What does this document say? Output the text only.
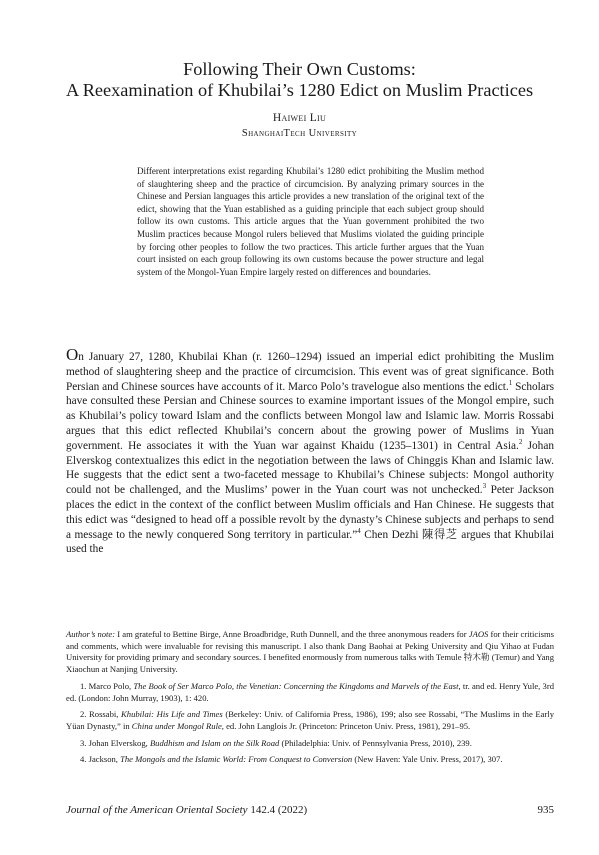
Following Their Own Customs:
A Reexamination of Khubilai’s 1280 Edict on Muslim Practices
Haiwei Liu
ShanghaiTech University
Different interpretations exist regarding Khubilai’s 1280 edict prohibiting the Muslim method of slaughtering sheep and the practice of circumcision. By analyzing primary sources in the Chinese and Persian languages this article provides a new translation of the original text of the edict, showing that the Yuan established as a guiding principle that each subject group should follow its own customs. This article argues that the Yuan government prohibited the two Muslim practices because Mongol rulers believed that Muslims violated the guiding principle by forcing other peoples to follow the two practices. This article further argues that the Yuan court insisted on each group following its own customs because the power structure and legal system of the Mongol-Yuan Empire largely rested on differences and boundaries.
On January 27, 1280, Khubilai Khan (r. 1260–1294) issued an imperial edict prohibiting the Muslim method of slaughtering sheep and the practice of circumcision. This event was of great significance. Both Persian and Chinese sources have accounts of it. Marco Polo’s travelogue also mentions the edict.$^1$ Scholars have consulted these Persian and Chinese sources to examine important issues of the Mongol empire, such as Khubilai’s policy toward Islam and the conflicts between Mongol law and Islamic law. Morris Rossabi argues that this edict reflected Khubilai’s concern about the growing power of Muslims in Yuan government. He associates it with the Yuan war against Khaidu (1235–1301) in Central Asia.$^2$ Johan Elverskog contextualizes this edict in the negotiation between the laws of Chinggis Khan and Islamic law. He suggests that the edict sent a two-faceted message to Khubilai’s Chinese subjects: Mongol authority could not be challenged, and the Muslims’ power in the Yuan court was not unchecked.$^3$ Peter Jackson places the edict in the context of the conflict between Muslim officials and Han Chinese. He suggests that this edict was “designed to head off a possible revolt by the dynasty’s Chinese subjects and perhaps to send a message to the newly conquered Song territory in particular.”$^4$ Chen Dezhi 陳得芝 argues that Khubilai used the

Author’s note: I am grateful to Bettine Birge, Anne Broadbridge, Ruth Dunnell, and the three anonymous readers for JAOS for their criticisms and comments, which were invaluable for revising this manuscript. I also thank Dang Baohai at Peking University and Qiu Yihao at Fudan University for providing primary and secondary sources. I benefited enormously from numerous talks with Temule 特木勒 (Temur) and Yang Xiaochun at Nanjing University.

1. Marco Polo, The Book of Ser Marco Polo, the Venetian: Concerning the Kingdoms and Marvels of the East, tr. and ed. Henry Yule, 3rd ed. (London: John Murray, 1903), 1: 420.

2. Rossabi, Khubilai: His Life and Times (Berkeley: Univ. of California Press, 1986), 199; also see Rossabi, “The Muslims in the Early Yüan Dynasty,” in China under Mongol Rule, ed. John Langlois Jr. (Princeton: Princeton Univ. Press, 1981), 291–95.

3. Johan Elverskog, Buddhism and Islam on the Silk Road (Philadelphia: Univ. of Pennsylvania Press, 2010), 239.

4. Jackson, The Mongols and the Islamic World: From Conquest to Conversion (New Haven: Yale Univ. Press, 2017), 307.

Journal of the American Oriental Society 142.4 (2022)	935
